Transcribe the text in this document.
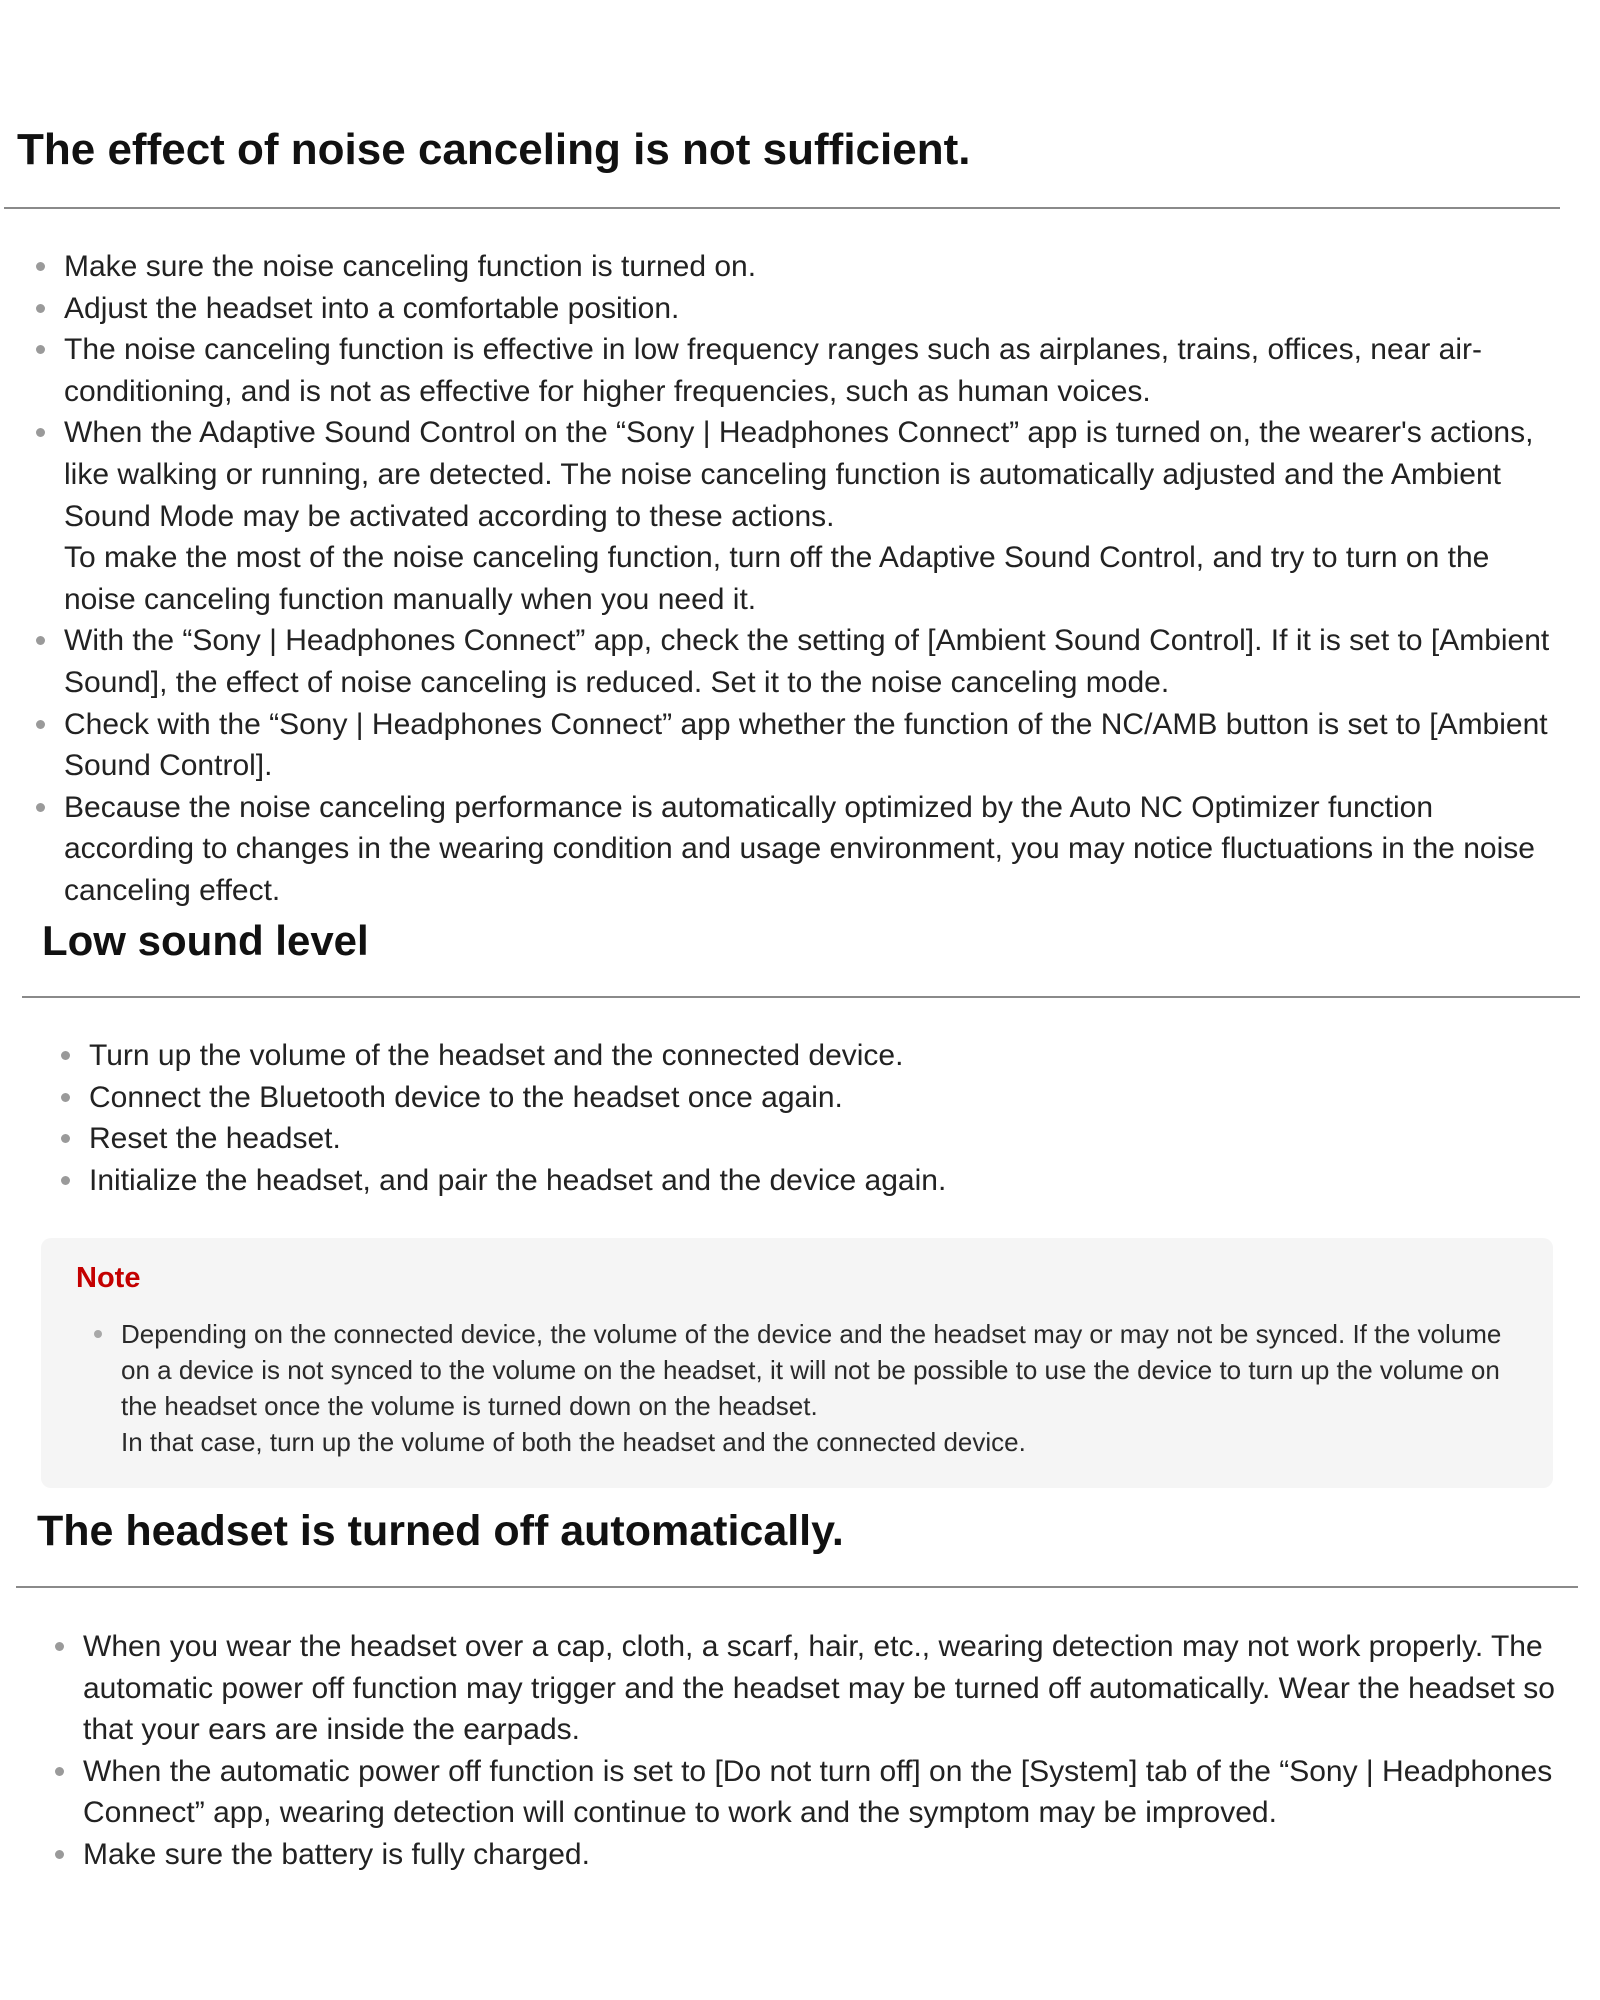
The effect of noise canceling is not sufficient.
Make sure the noise canceling function is turned on.
Adjust the headset into a comfortable position.
The noise canceling function is effective in low frequency ranges such as airplanes, trains, offices, near air-conditioning, and is not as effective for higher frequencies, such as human voices.
When the Adaptive Sound Control on the “Sony | Headphones Connect” app is turned on, the wearer's actions, like walking or running, are detected. The noise canceling function is automatically adjusted and the Ambient Sound Mode may be activated according to these actions.
To make the most of the noise canceling function, turn off the Adaptive Sound Control, and try to turn on the noise canceling function manually when you need it.
With the “Sony | Headphones Connect” app, check the setting of [Ambient Sound Control]. If it is set to [Ambient Sound], the effect of noise canceling is reduced. Set it to the noise canceling mode.
Check with the “Sony | Headphones Connect” app whether the function of the NC/AMB button is set to [Ambient Sound Control].
Because the noise canceling performance is automatically optimized by the Auto NC Optimizer function according to changes in the wearing condition and usage environment, you may notice fluctuations in the noise canceling effect.
Low sound level
Turn up the volume of the headset and the connected device.
Connect the Bluetooth device to the headset once again.
Reset the headset.
Initialize the headset, and pair the headset and the device again.

Note

Depending on the connected device, the volume of the device and the headset may or may not be synced. If the volume on a device is not synced to the volume on the headset, it will not be possible to use the device to turn up the volume on the headset once the volume is turned down on the headset.
In that case, turn up the volume of both the headset and the connected device.
The headset is turned off automatically.
When you wear the headset over a cap, cloth, a scarf, hair, etc., wearing detection may not work properly. The automatic power off function may trigger and the headset may be turned off automatically. Wear the headset so that your ears are inside the earpads.
When the automatic power off function is set to [Do not turn off] on the [System] tab of the “Sony | Headphones Connect” app, wearing detection will continue to work and the symptom may be improved.
Make sure the battery is fully charged.
